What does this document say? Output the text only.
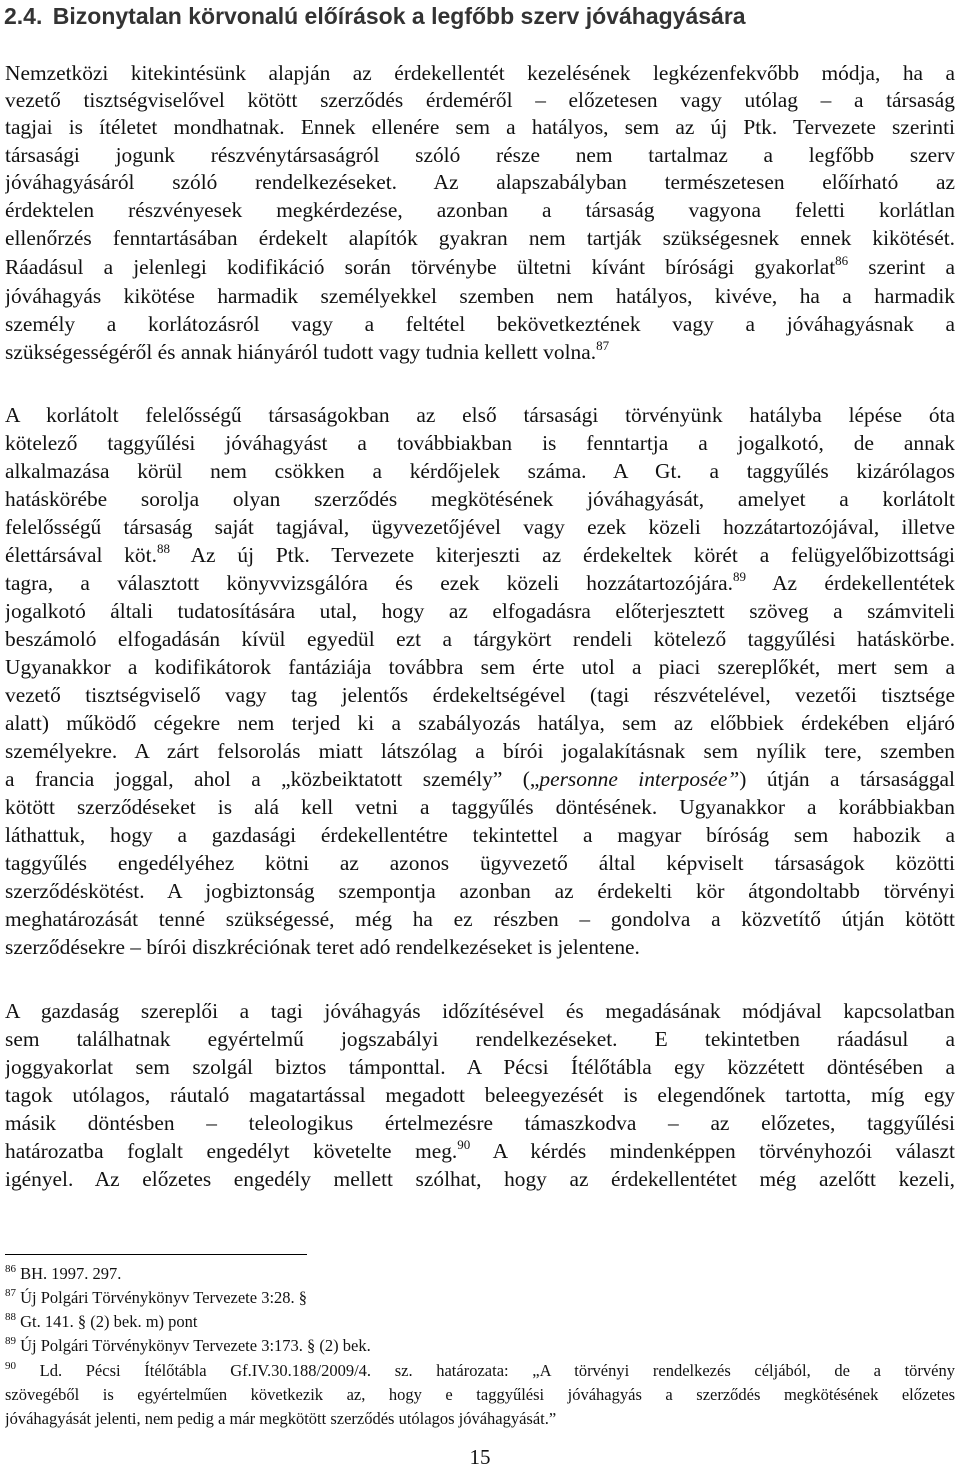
2.4. Bizonytalan körvonalú előírások a legfőbb szerv jóváhagyására
Nemzetközi kitekintésünk alapján az érdekellentét kezelésének legkézenfekvőbb módja, ha a
vezető tisztségviselővel kötött szerződés érdeméről – előzetesen vagy utólag – a társaság
tagjai is ítéletet mondhatnak. Ennek ellenére sem a hatályos, sem az új Ptk. Tervezete szerinti
társasági jogunk részvénytársaságról szóló része nem tartalmaz a legfőbb szerv
jóváhagyásáról szóló rendelkezéseket. Az alapszabályban természetesen előírható az
érdektelen részvényesek megkérdezése, azonban a társaság vagyona feletti korlátlan
ellenőrzés fenntartásában érdekelt alapítók gyakran nem tartják szükségesnek ennek kikötését.
Ráadásul a jelenlegi kodifikáció során törvénybe ültetni kívánt bírósági gyakorlat$^{86}$ szerint a
jóváhagyás kikötése harmadik személyekkel szemben nem hatályos, kivéve, ha a harmadik
személy a korlátozásról vagy a feltétel bekövetkeztének vagy a jóváhagyásnak a
szükségességéről és annak hiányáról tudott vagy tudnia kellett volna.$^{87}$
A korlátolt felelősségű társaságokban az első társasági törvényünk hatályba lépése óta
kötelező taggyűlési jóváhagyást a továbbiakban is fenntartja a jogalkotó, de annak
alkalmazása körül nem csökken a kérdőjelek száma. A Gt. a taggyűlés kizárólagos
hatáskörébe sorolja olyan szerződés megkötésének jóváhagyását, amelyet a korlátolt
felelősségű társaság saját tagjával, ügyvezetőjével vagy ezek közeli hozzátartozójával, illetve
élettársával köt.$^{88}$ Az új Ptk. Tervezete kiterjeszti az érdekeltek körét a felügyelőbizottsági
tagra, a választott könyvvizsgálóra és ezek közeli hozzátartozójára.$^{89}$ Az érdekellentétek
jogalkotó általi tudatosítására utal, hogy az elfogadásra előterjesztett szöveg a számviteli
beszámoló elfogadásán kívül egyedül ezt a tárgykört rendeli kötelező taggyűlési hatáskörbe.
Ugyanakkor a kodifikátorok fantáziája továbbra sem érte utol a piaci szereplőkét, mert sem a
vezető tisztségviselő vagy tag jelentős érdekeltségével (tagi részvételével, vezetői tisztsége
alatt) működő cégekre nem terjed ki a szabályozás hatálya, sem az előbbiek érdekében eljáró
személyekre. A zárt felsorolás miatt látszólag a bírói jogalakításnak sem nyílik tere, szemben
a francia joggal, ahol a „közbeiktatott személy” („personne interposée”) útján a társasággal
kötött szerződéseket is alá kell vetni a taggyűlés döntésének. Ugyanakkor a korábbiakban
láthattuk, hogy a gazdasági érdekellentétre tekintettel a magyar bíróság sem habozik a
taggyűlés engedélyéhez kötni az azonos ügyvezető által képviselt társaságok közötti
szerződéskötést. A jogbiztonság szempontja azonban az érdekelti kör átgondoltabb törvényi
meghatározását tenné szükségessé, még ha ez részben – gondolva a közvetítő útján kötött
szerződésekre – bírói diszkréciónak teret adó rendelkezéseket is jelentene.
A gazdaság szereplői a tagi jóváhagyás időzítésével és megadásának módjával kapcsolatban
sem találhatnak egyértelmű jogszabályi rendelkezéseket. E tekintetben ráadásul a
joggyakorlat sem szolgál biztos támponttal. A Pécsi Ítélőtábla egy közzétett döntésében a
tagok utólagos, ráutaló magatartással megadott beleegyezését is elegendőnek tartotta, míg egy
másik döntésben – teleologikus értelmezésre támaszkodva – az előzetes, taggyűlési
határozatba foglalt engedélyt követelte meg.$^{90}$ A kérdés mindenképpen törvényhozói választ
igényel. Az előzetes engedély mellett szólhat, hogy az érdekellentétet még azelőtt kezeli,
$^{86}$ BH. 1997. 297.
$^{87}$ Új Polgári Törvénykönyv Tervezete 3:28. §
$^{88}$ Gt. 141. § (2) bek. m) pont
$^{89}$ Új Polgári Törvénykönyv Tervezete 3:173. § (2) bek.
$^{90}$ Ld. Pécsi Ítélőtábla Gf.IV.30.188/2009/4. sz. határozata: „A törvényi rendelkezés céljából, de a törvény
szövegéből is egyértelműen következik az, hogy e taggyűlési jóváhagyás a szerződés megkötésének előzetes
jóváhagyását jelenti, nem pedig a már megkötött szerződés utólagos jóváhagyását.”
15
